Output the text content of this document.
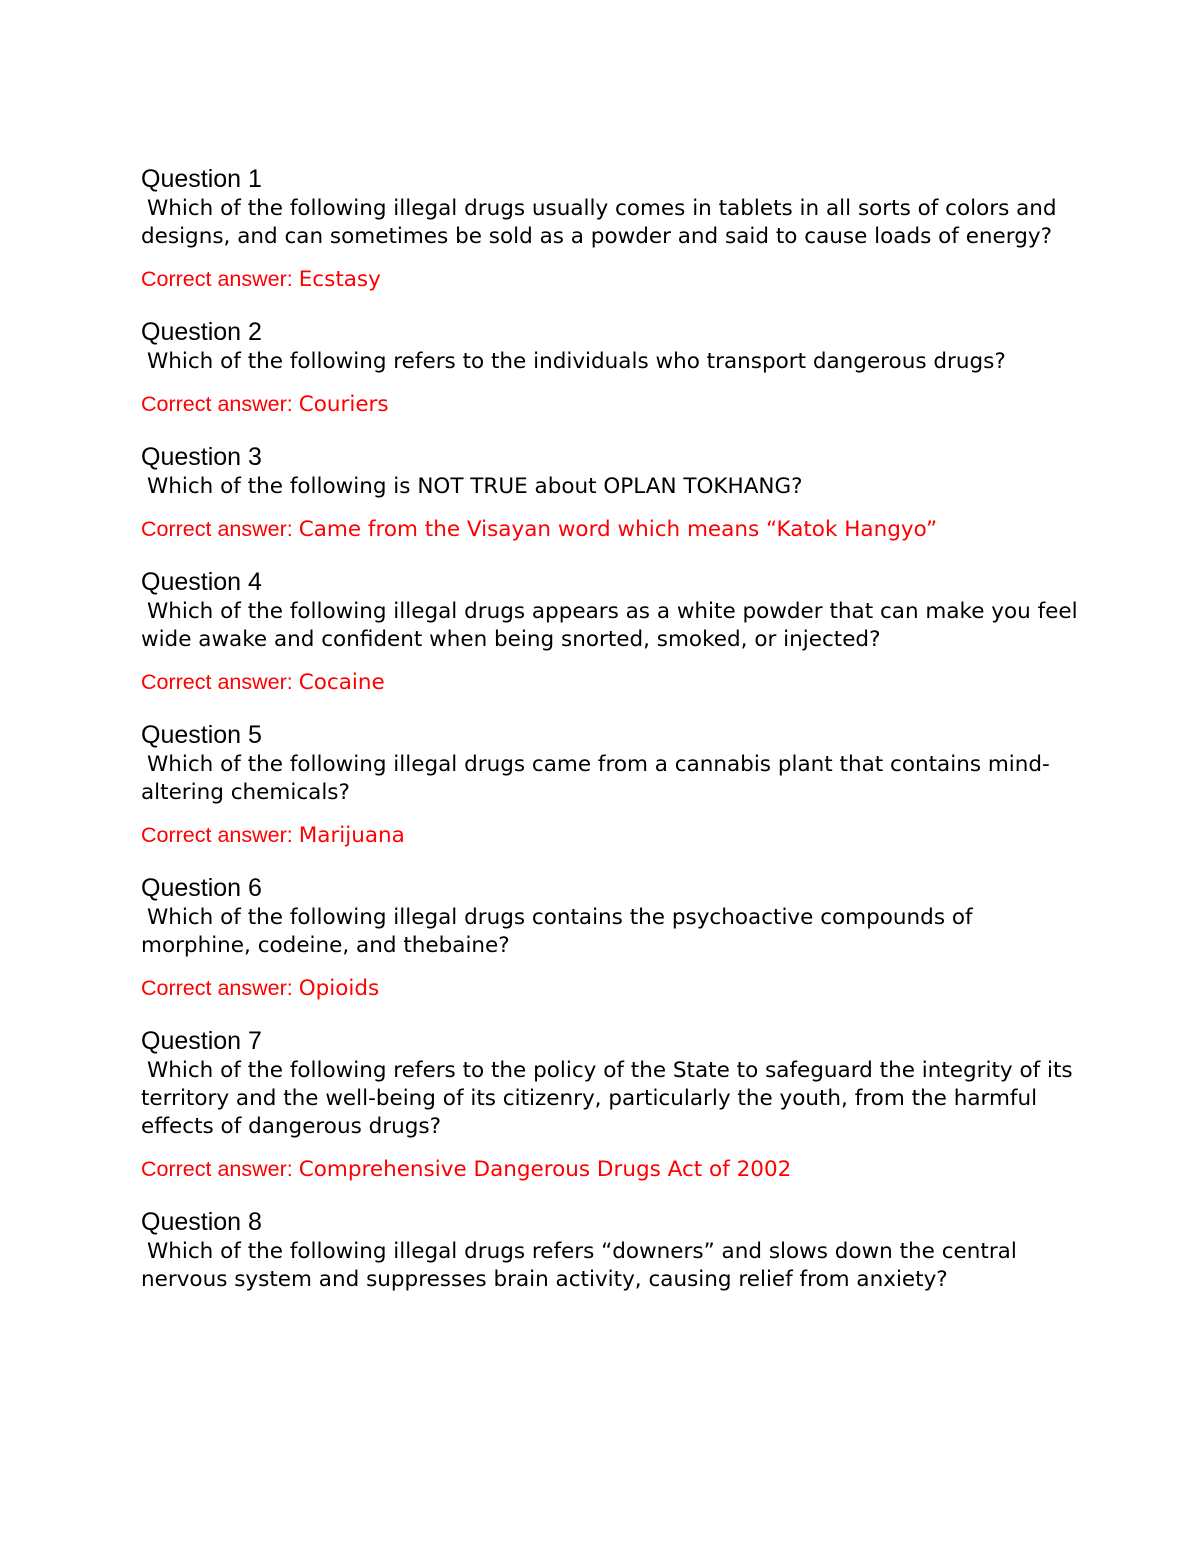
Question 1

Which of the following illegal drugs usually comes in tablets in all sorts of colors and designs, and can sometimes be sold as a powder and said to cause loads of energy?

Correct answer: Ecstasy

Question 2

Which of the following refers to the individuals who transport dangerous drugs?

Correct answer: Couriers

Question 3

Which of the following is NOT TRUE about OPLAN TOKHANG?

Correct answer: Came from the Visayan word which means “Katok Hangyo”

Question 4

Which of the following illegal drugs appears as a white powder that can make you feel wide awake and confident when being snorted, smoked, or injected?

Correct answer: Cocaine

Question 5

Which of the following illegal drugs came from a cannabis plant that contains mind-altering chemicals?

Correct answer: Marijuana

Question 6

Which of the following illegal drugs contains the psychoactive compounds of morphine, codeine, and thebaine?

Correct answer: Opioids

Question 7

Which of the following refers to the policy of the State to safeguard the integrity of its territory and the well-being of its citizenry, particularly the youth, from the harmful effects of dangerous drugs?

Correct answer: Comprehensive Dangerous Drugs Act of 2002

Question 8

Which of the following illegal drugs refers “downers” and slows down the central nervous system and suppresses brain activity, causing relief from anxiety?
